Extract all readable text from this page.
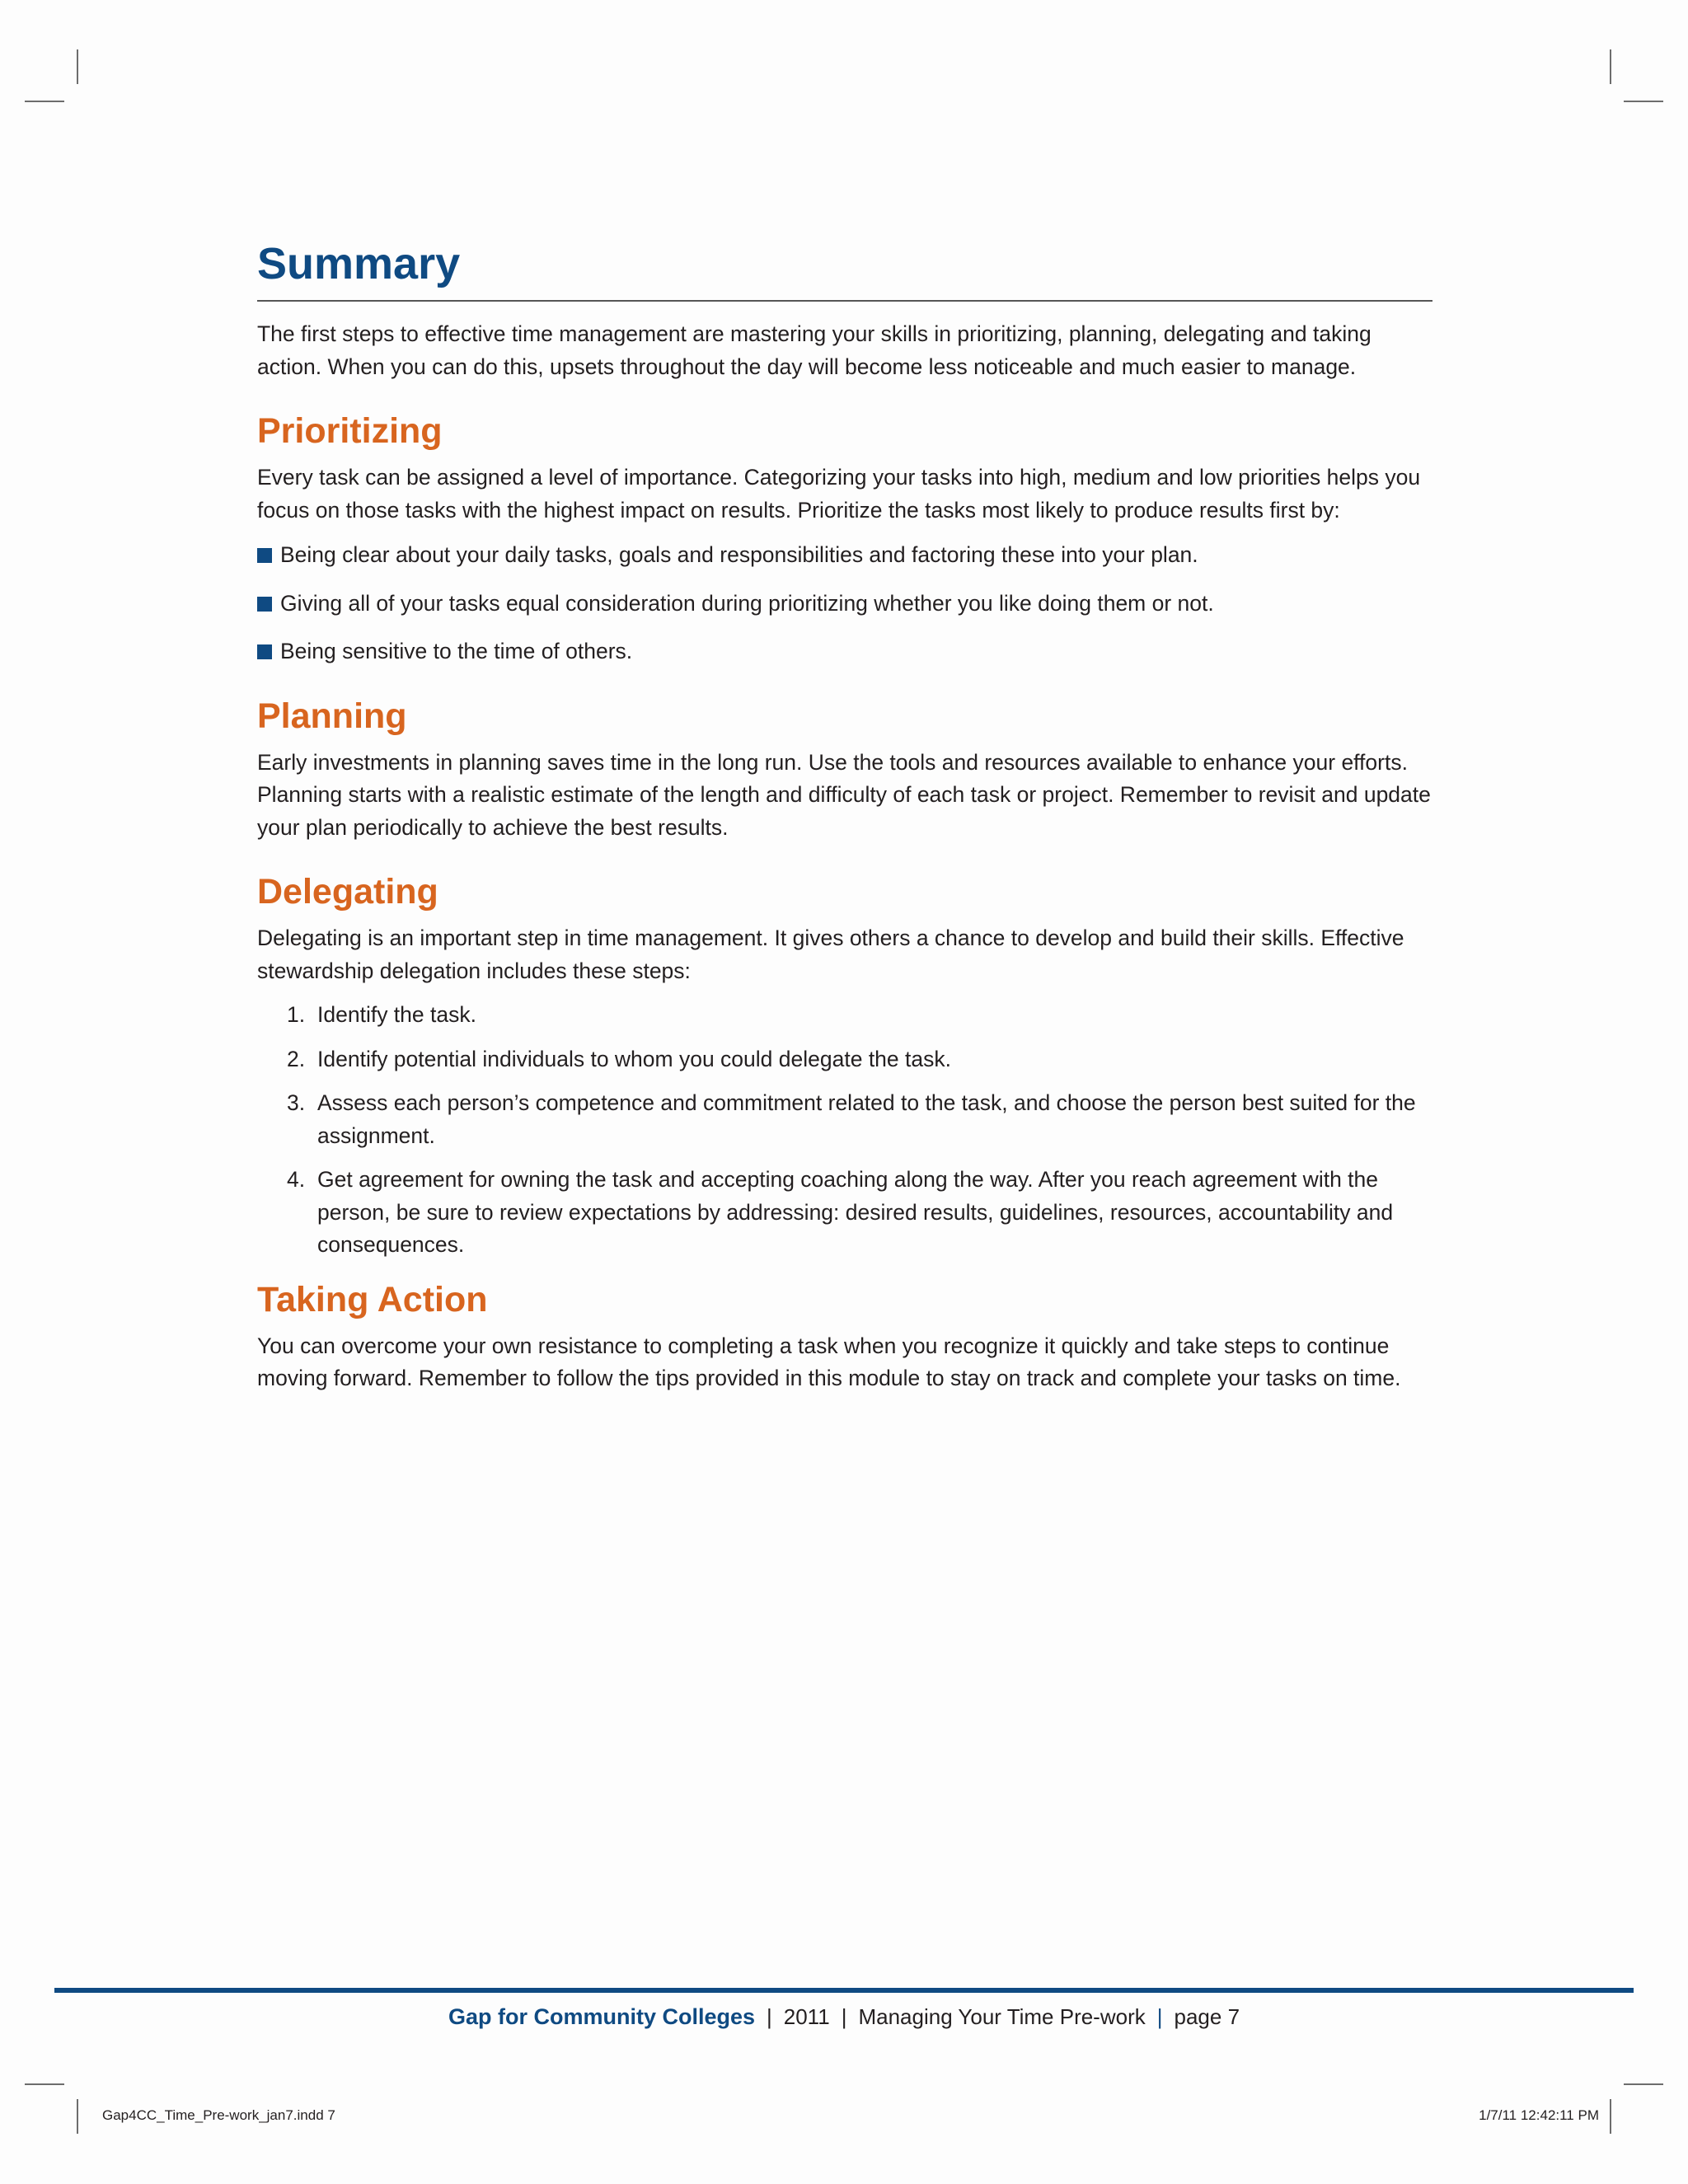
Summary

The first steps to effective time management are mastering your skills in prioritizing, planning, delegating and taking action. When you can do this, upsets throughout the day will become less noticeable and much easier to manage.

Prioritizing

Every task can be assigned a level of importance. Categorizing your tasks into high, medium and low priorities helps you focus on those tasks with the highest impact on results. Prioritize the tasks most likely to produce results first by:

Being clear about your daily tasks, goals and responsibilities and factoring these into your plan.
Giving all of your tasks equal consideration during prioritizing whether you like doing them or not.
Being sensitive to the time of others.
Planning

Early investments in planning saves time in the long run. Use the tools and resources available to enhance your efforts. Planning starts with a realistic estimate of the length and difficulty of each task or project. Remember to revisit and update your plan periodically to achieve the best results.

Delegating

Delegating is an important step in time management. It gives others a chance to develop and build their skills. Effective stewardship delegation includes these steps:

1. Identify the task.
2. Identify potential individuals to whom you could delegate the task.
3. Assess each person’s competence and commitment related to the task, and choose the person best suited for the assignment.
4. Get agreement for owning the task and accepting coaching along the way. After you reach agreement with the person, be sure to review expectations by addressing: desired results, guidelines, resources, accountability and consequences.
Taking Action

You can overcome your own resistance to completing a task when you recognize it quickly and take steps to continue moving forward. Remember to follow the tips provided in this module to stay on track and complete your tasks on time.

Gap for Community Colleges | 2011 | Managing Your Time Pre-work | page 7
Gap4CC_Time_Pre-work_jan7.indd 7	1/7/11 12:42:11 PM
